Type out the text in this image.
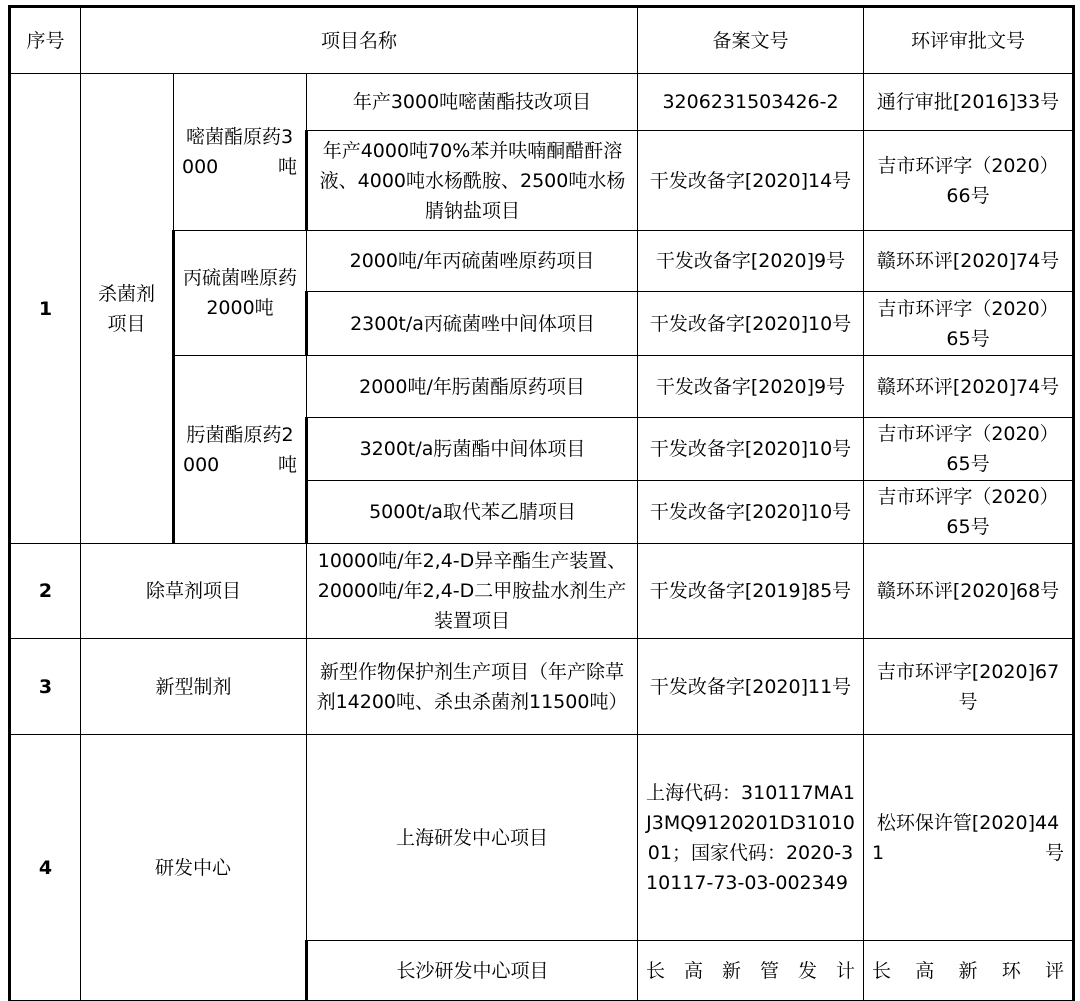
序号	项目名称			备案文号	环评审批文号
1	杀菌剂项目	嘧菌酯原药3000吨	年产3000吨嘧菌酯技改项目	3206231503426-2	通行审批[2016]33号
			年产4000吨70%苯并呋喃酮醋酐溶液、4000吨水杨酰胺、2500吨水杨腈钠盐项目	干发改备字[2020]14号	吉市环评字（2020）66号
		丙硫菌唑原药2000吨	2000吨/年丙硫菌唑原药项目	干发改备字[2020]9号	赣环环评[2020]74号
			2300t/a丙硫菌唑中间体项目	干发改备字[2020]10号	吉市环评字（2020）65号
		肟菌酯原药2000吨	2000吨/年肟菌酯原药项目	干发改备字[2020]9号	赣环环评[2020]74号
			3200t/a肟菌酯中间体项目	干发改备字[2020]10号	吉市环评字（2020）65号
			5000t/a取代苯乙腈项目	干发改备字[2020]10号	吉市环评字（2020）65号
2	除草剂项目		10000吨/年2,4-D异辛酯生产装置、20000吨/年2,4-D二甲胺盐水剂生产装置项目	干发改备字[2019]85号	赣环环评[2020]68号
3	新型制剂		新型作物保护剂生产项目（年产除草剂14200吨、杀虫杀菌剂11500吨）	干发改备字[2020]11号	吉市环评字[2020]67号
4	研发中心		上海研发中心项目	上海代码：310117MA1J3MQ9120201D3101001；国家代码：2020-310117-73-03-002349	松环保许管[2020]441号
			长沙研发中心项目	长高新管发计	长高新环评
